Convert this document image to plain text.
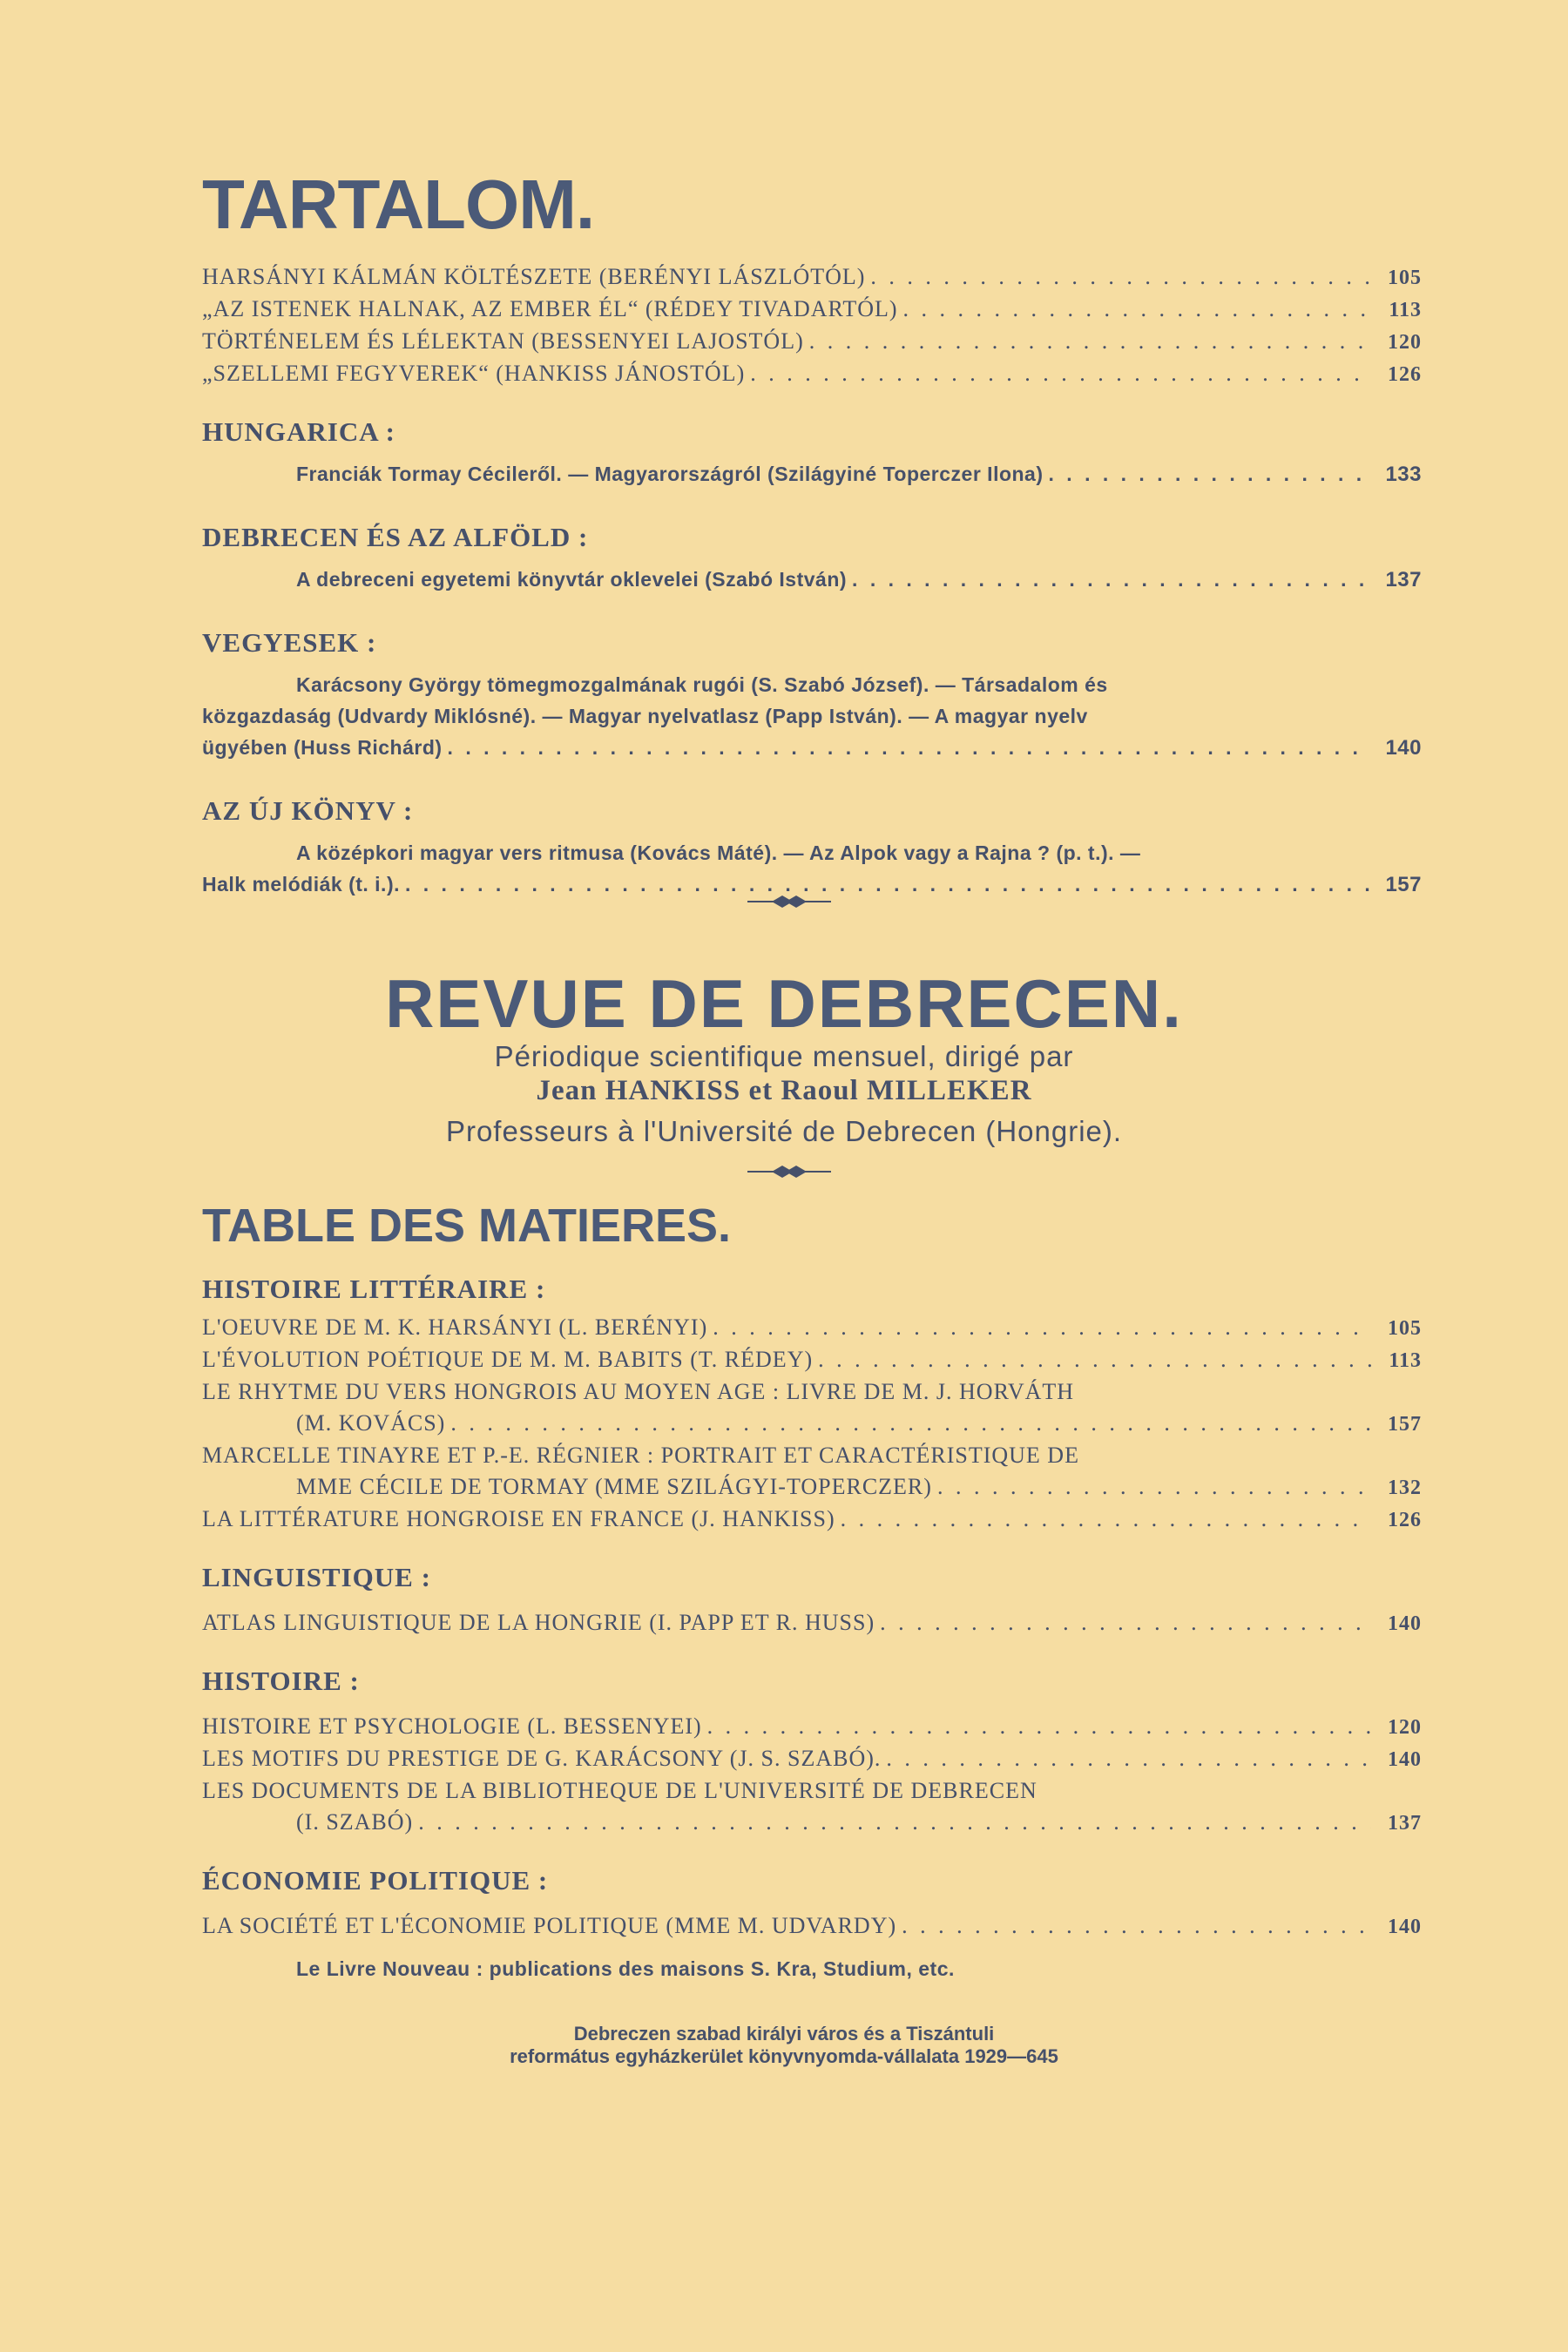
TARTALOM.
HARSÁNYI KÁLMÁN KÖLTÉSZETE (BERÉNYI LÁSZLÓTÓL) . . .	105
„AZ ISTENEK HALNAK, AZ EMBER ÉL“ (RÉDEY TIVADARTÓL) . . .	113
TÖRTÉNELEM ÉS LÉLEKTAN (BESSENYEI LAJOSTÓL) . . .	120
„SZELLEMI FEGYVEREK“ (HANKISS JÁNOSTÓL) . . .	126
HUNGARICA :
Franciák Tormay Cécileről. — Magyarországról (Szilágyiné Toperczer Ilona) . . .	133
DEBRECEN ÉS AZ ALFÖLD :
A debreceni egyetemi könyvtár oklevelei (Szabó István) . . .	137
VEGYESEK :
Karácsony György tömegmozgalmának rugói (S. Szabó József). — Társadalom és
közgazdaság (Udvardy Miklósné). — Magyar nyelvatlasz (Papp István). — A magyar nyelv
ügyében (Huss Richárd) . . .	140
AZ ÚJ KÖNYV :
A középkori magyar vers ritmusa (Kovács Máté). — Az Alpok vagy a Rajna ? (p. t.). —
Halk melódiák (t. i.). . . .	157
REVUE DE DEBRECEN.
Périodique scientifique mensuel, dirigé par
Jean HANKISS et Raoul MILLEKER
Professeurs à l'Université de Debrecen (Hongrie).
TABLE DES MATIERES.
HISTOIRE LITTÉRAIRE :
L'OEUVRE DE M. K. HARSÁNYI (L. BERÉNYI) . . .	105
L'ÉVOLUTION POÉTIQUE DE M. M. BABITS (T. RÉDEY) . . .	113
LE RHYTME DU VERS HONGROIS AU MOYEN AGE : LIVRE DE M. J. HORVÁTH
(M. KOVÁCS) . . .	157
MARCELLE TINAYRE ET P.-E. RÉGNIER : PORTRAIT ET CARACTÉRISTIQUE DE
MME CÉCILE DE TORMAY (MME SZILÁGYI-TOPERCZER) . . .	132
LA LITTÉRATURE HONGROISE EN FRANCE (J. HANKISS) . . .	126
LINGUISTIQUE :
ATLAS LINGUISTIQUE DE LA HONGRIE (I. PAPP ET R. HUSS) . . .	140
HISTOIRE :
HISTOIRE ET PSYCHOLOGIE (L. BESSENYEI) . . .	120
LES MOTIFS DU PRESTIGE DE G. KARÁCSONY (J. S. SZABÓ). . . .	140
LES DOCUMENTS DE LA BIBLIOTHEQUE DE L'UNIVERSITÉ DE DEBRECEN
(I. SZABÓ) . . .	137
ÉCONOMIE POLITIQUE :
LA SOCIÉTÉ ET L'ÉCONOMIE POLITIQUE (MME M. UDVARDY) . . .	140
Le Livre Nouveau : publications des maisons S. Kra, Studium, etc.
Debreczen szabad királyi város és a Tiszántuli
református egyházkerület könyvnyomda-vállalata 1929—645
